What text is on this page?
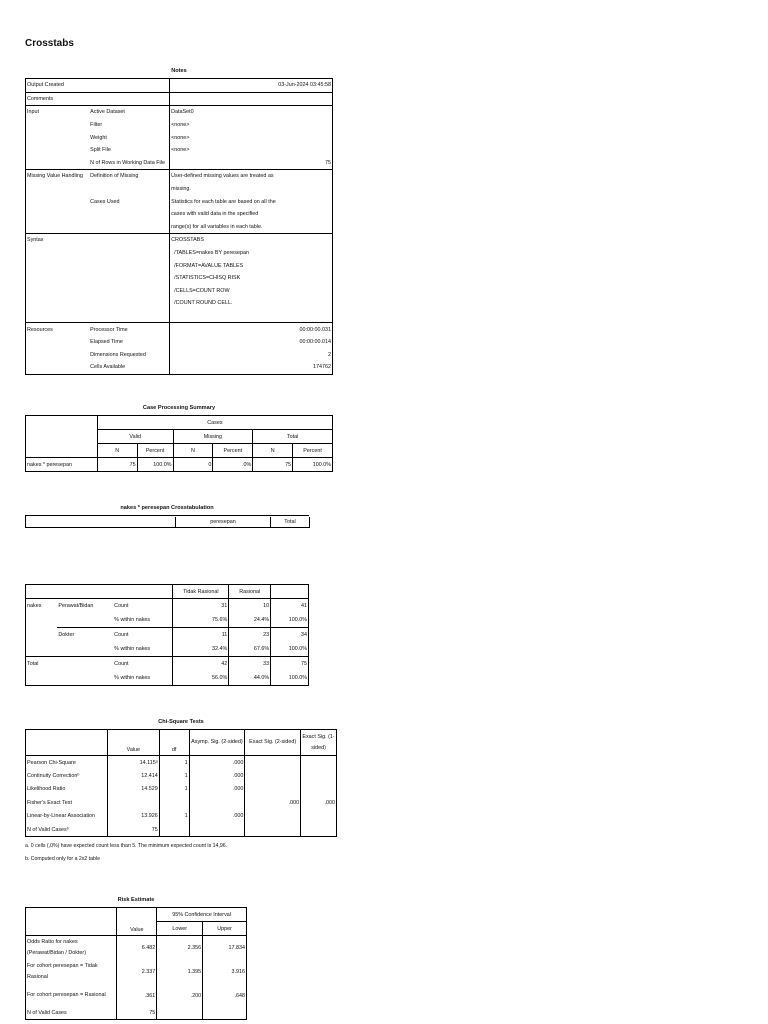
Crosstabs
Notes
Output Created			03-Jun-2024 03:45:58
Comments			
Input	Active Dataset	DataSet0	
	Filter	<none>	
	Weight	<none>	
	Split File	<none>	
	N of Rows in Working Data File		75
Missing Value Handling	Definition of Missing	User-defined missing values are treated as	
		missing.	
	Cases Used	Statistics for each table are based on all the	
		cases with valid data in the specified	
		range(s) for all variables in each table.	
Syntax		CROSSTABS	
		/TABLES=nakes BY peresepan	
		/FORMAT=AVALUE TABLES	
		/STATISTICS=CHISQ RISK	
		/CELLS=COUNT ROW	
		/COUNT ROUND CELL.	

Resources	Processor Time		00:00:00.031
	Elapsed Time		00:00:00.014
	Dimensions Requested		2
	Cells Available		174762
Case Processing Summary
	Cases					
	Valid		Missing		Total	
	N	Percent	N	Percent	N	Percent
nakes * peresepan	75	100.0%	0	.0%	75	100.0%
nakes * peresepan Crosstabulation
peresepan	Total
			Tidak Rasional	Rasional	
nakes	Perawat/Bidan	Count	31	10	41
		% within nakes	75.6%	24.4%	100.0%
	Dokter	Count	11	23	34
		% within nakes	32.4%	67.6%	100.0%
Total		Count	42	33	75
		% within nakes	56.0%	44.0%	100.0%
Chi-Square Tests
	Value	df	Asymp. Sig. (2-sided)	Exact Sig. (2-sided)	Exact Sig. (1-sided)
Pearson Chi-Square	14.115ᵃ	1	.000		
Continuity Correctionᵇ	12.414	1	.000		
Likelihood Ratio	14.529	1	.000		
Fisher's Exact Test				.000	.000
Linear-by-Linear Association	13.926	1	.000		
N of Valid Casesᵇ	75				
a. 0 cells (,0%) have expected count less than 5. The minimum expected count is 14,96.
b. Computed only for a 2x2 table
Risk Estimate
	Value	95% Confidence Interval	
		Lower	Upper
Odds Ratio for nakes (Perawat/Bidan / Dokter)	6.482	2.356	17.834
For cohort peresepan = Tidak Rasional	2.337	1.395	3.916
For cohort peresepan = Rasional	.361	.200	.648
N of Valid Cases	75		
